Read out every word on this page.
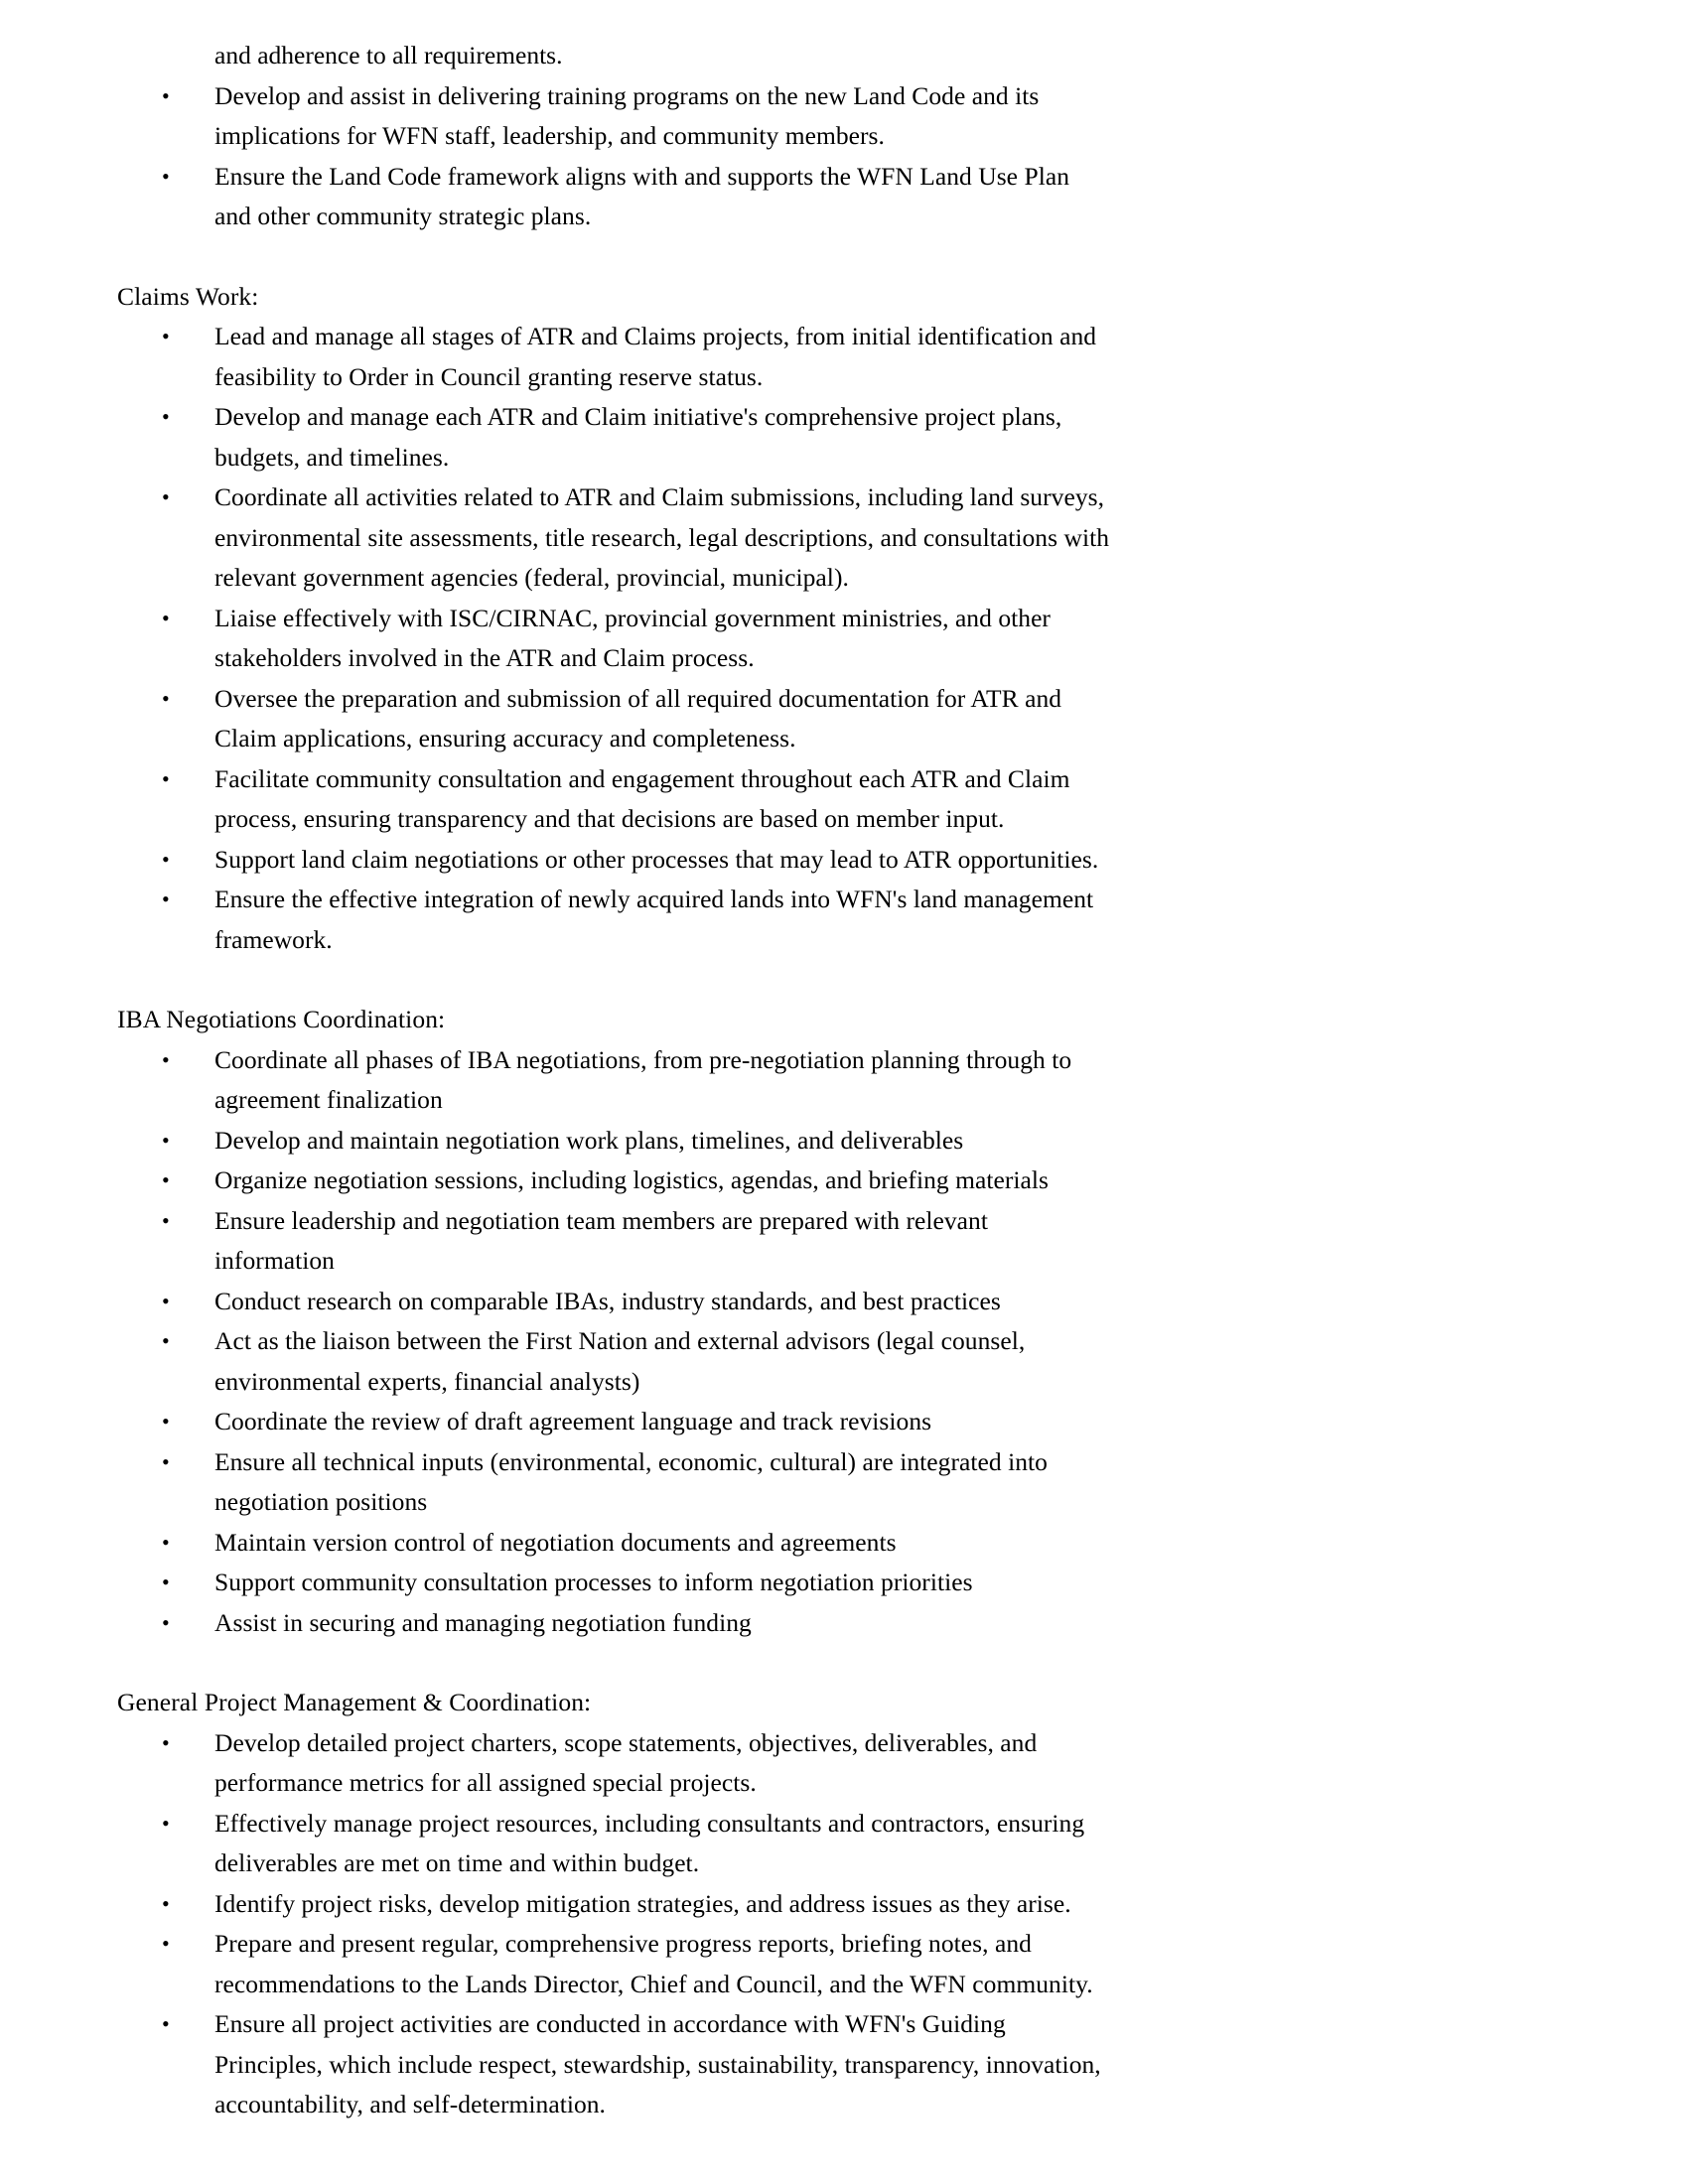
and adherence to all requirements.
• Develop and assist in delivering training programs on the new Land Code and its implications for WFN staff, leadership, and community members.
• Ensure the Land Code framework aligns with and supports the WFN Land Use Plan and other community strategic plans.
Claims Work:
• Lead and manage all stages of ATR and Claims projects, from initial identification and feasibility to Order in Council granting reserve status.
• Develop and manage each ATR and Claim initiative's comprehensive project plans, budgets, and timelines.
• Coordinate all activities related to ATR and Claim submissions, including land surveys, environmental site assessments, title research, legal descriptions, and consultations with relevant government agencies (federal, provincial, municipal).
• Liaise effectively with ISC/CIRNAC, provincial government ministries, and other stakeholders involved in the ATR and Claim process.
• Oversee the preparation and submission of all required documentation for ATR and Claim applications, ensuring accuracy and completeness.
• Facilitate community consultation and engagement throughout each ATR and Claim process, ensuring transparency and that decisions are based on member input.
• Support land claim negotiations or other processes that may lead to ATR opportunities.
• Ensure the effective integration of newly acquired lands into WFN's land management framework.
IBA Negotiations Coordination:
• Coordinate all phases of IBA negotiations, from pre-negotiation planning through to agreement finalization
• Develop and maintain negotiation work plans, timelines, and deliverables
• Organize negotiation sessions, including logistics, agendas, and briefing materials
• Ensure leadership and negotiation team members are prepared with relevant information
• Conduct research on comparable IBAs, industry standards, and best practices
• Act as the liaison between the First Nation and external advisors (legal counsel, environmental experts, financial analysts)
• Coordinate the review of draft agreement language and track revisions
• Ensure all technical inputs (environmental, economic, cultural) are integrated into negotiation positions
• Maintain version control of negotiation documents and agreements
• Support community consultation processes to inform negotiation priorities
• Assist in securing and managing negotiation funding
General Project Management & Coordination:
• Develop detailed project charters, scope statements, objectives, deliverables, and performance metrics for all assigned special projects.
• Effectively manage project resources, including consultants and contractors, ensuring deliverables are met on time and within budget.
• Identify project risks, develop mitigation strategies, and address issues as they arise.
• Prepare and present regular, comprehensive progress reports, briefing notes, and recommendations to the Lands Director, Chief and Council, and the WFN community.
• Ensure all project activities are conducted in accordance with WFN's Guiding Principles, which include respect, stewardship, sustainability, transparency, innovation, accountability, and self-determination.
